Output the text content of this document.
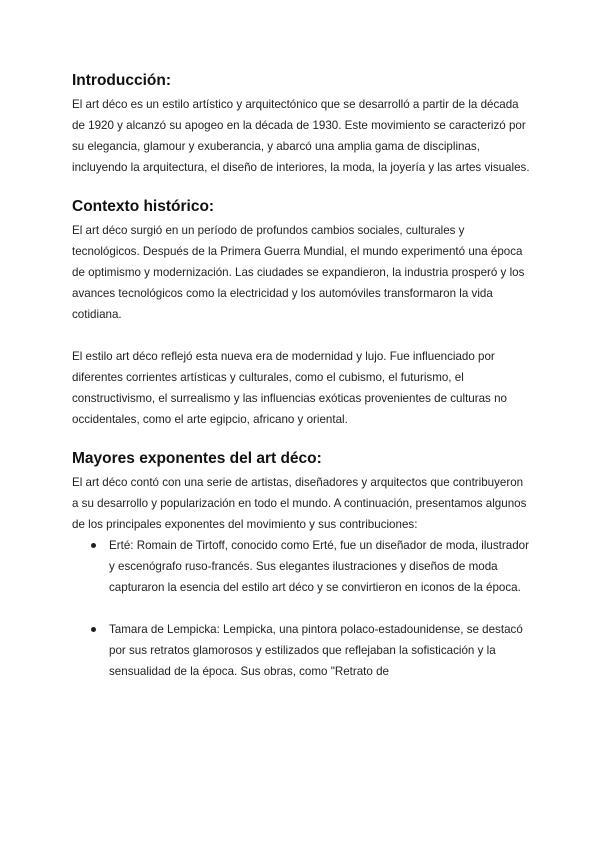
Introducción:

El art déco es un estilo artístico y arquitectónico que se desarrolló a partir de la década de 1920 y alcanzó su apogeo en la década de 1930. Este movimiento se caracterizó por su elegancia, glamour y exuberancia, y abarcó una amplia gama de disciplinas, incluyendo la arquitectura, el diseño de interiores, la moda, la joyería y las artes visuales.

Contexto histórico:

El art déco surgió en un período de profundos cambios sociales, culturales y tecnológicos. Después de la Primera Guerra Mundial, el mundo experimentó una época de optimismo y modernización. Las ciudades se expandieron, la industria prosperó y los avances tecnológicos como la electricidad y los automóviles transformaron la vida cotidiana.

El estilo art déco reflejó esta nueva era de modernidad y lujo. Fue influenciado por diferentes corrientes artísticas y culturales, como el cubismo, el futurismo, el constructivismo, el surrealismo y las influencias exóticas provenientes de culturas no occidentales, como el arte egipcio, africano y oriental.

Mayores exponentes del art déco:

El art déco contó con una serie de artistas, diseñadores y arquitectos que contribuyeron a su desarrollo y popularización en todo el mundo. A continuación, presentamos algunos de los principales exponentes del movimiento y sus contribuciones:

Erté: Romain de Tirtoff, conocido como Erté, fue un diseñador de moda, ilustrador y escenógrafo ruso-francés. Sus elegantes ilustraciones y diseños de moda capturaron la esencia del estilo art déco y se convirtieron en iconos de la época.
Tamara de Lempicka: Lempicka, una pintora polaco-estadounidense, se destacó por sus retratos glamorosos y estilizados que reflejaban la sofisticación y la sensualidad de la época. Sus obras, como "Retrato de
